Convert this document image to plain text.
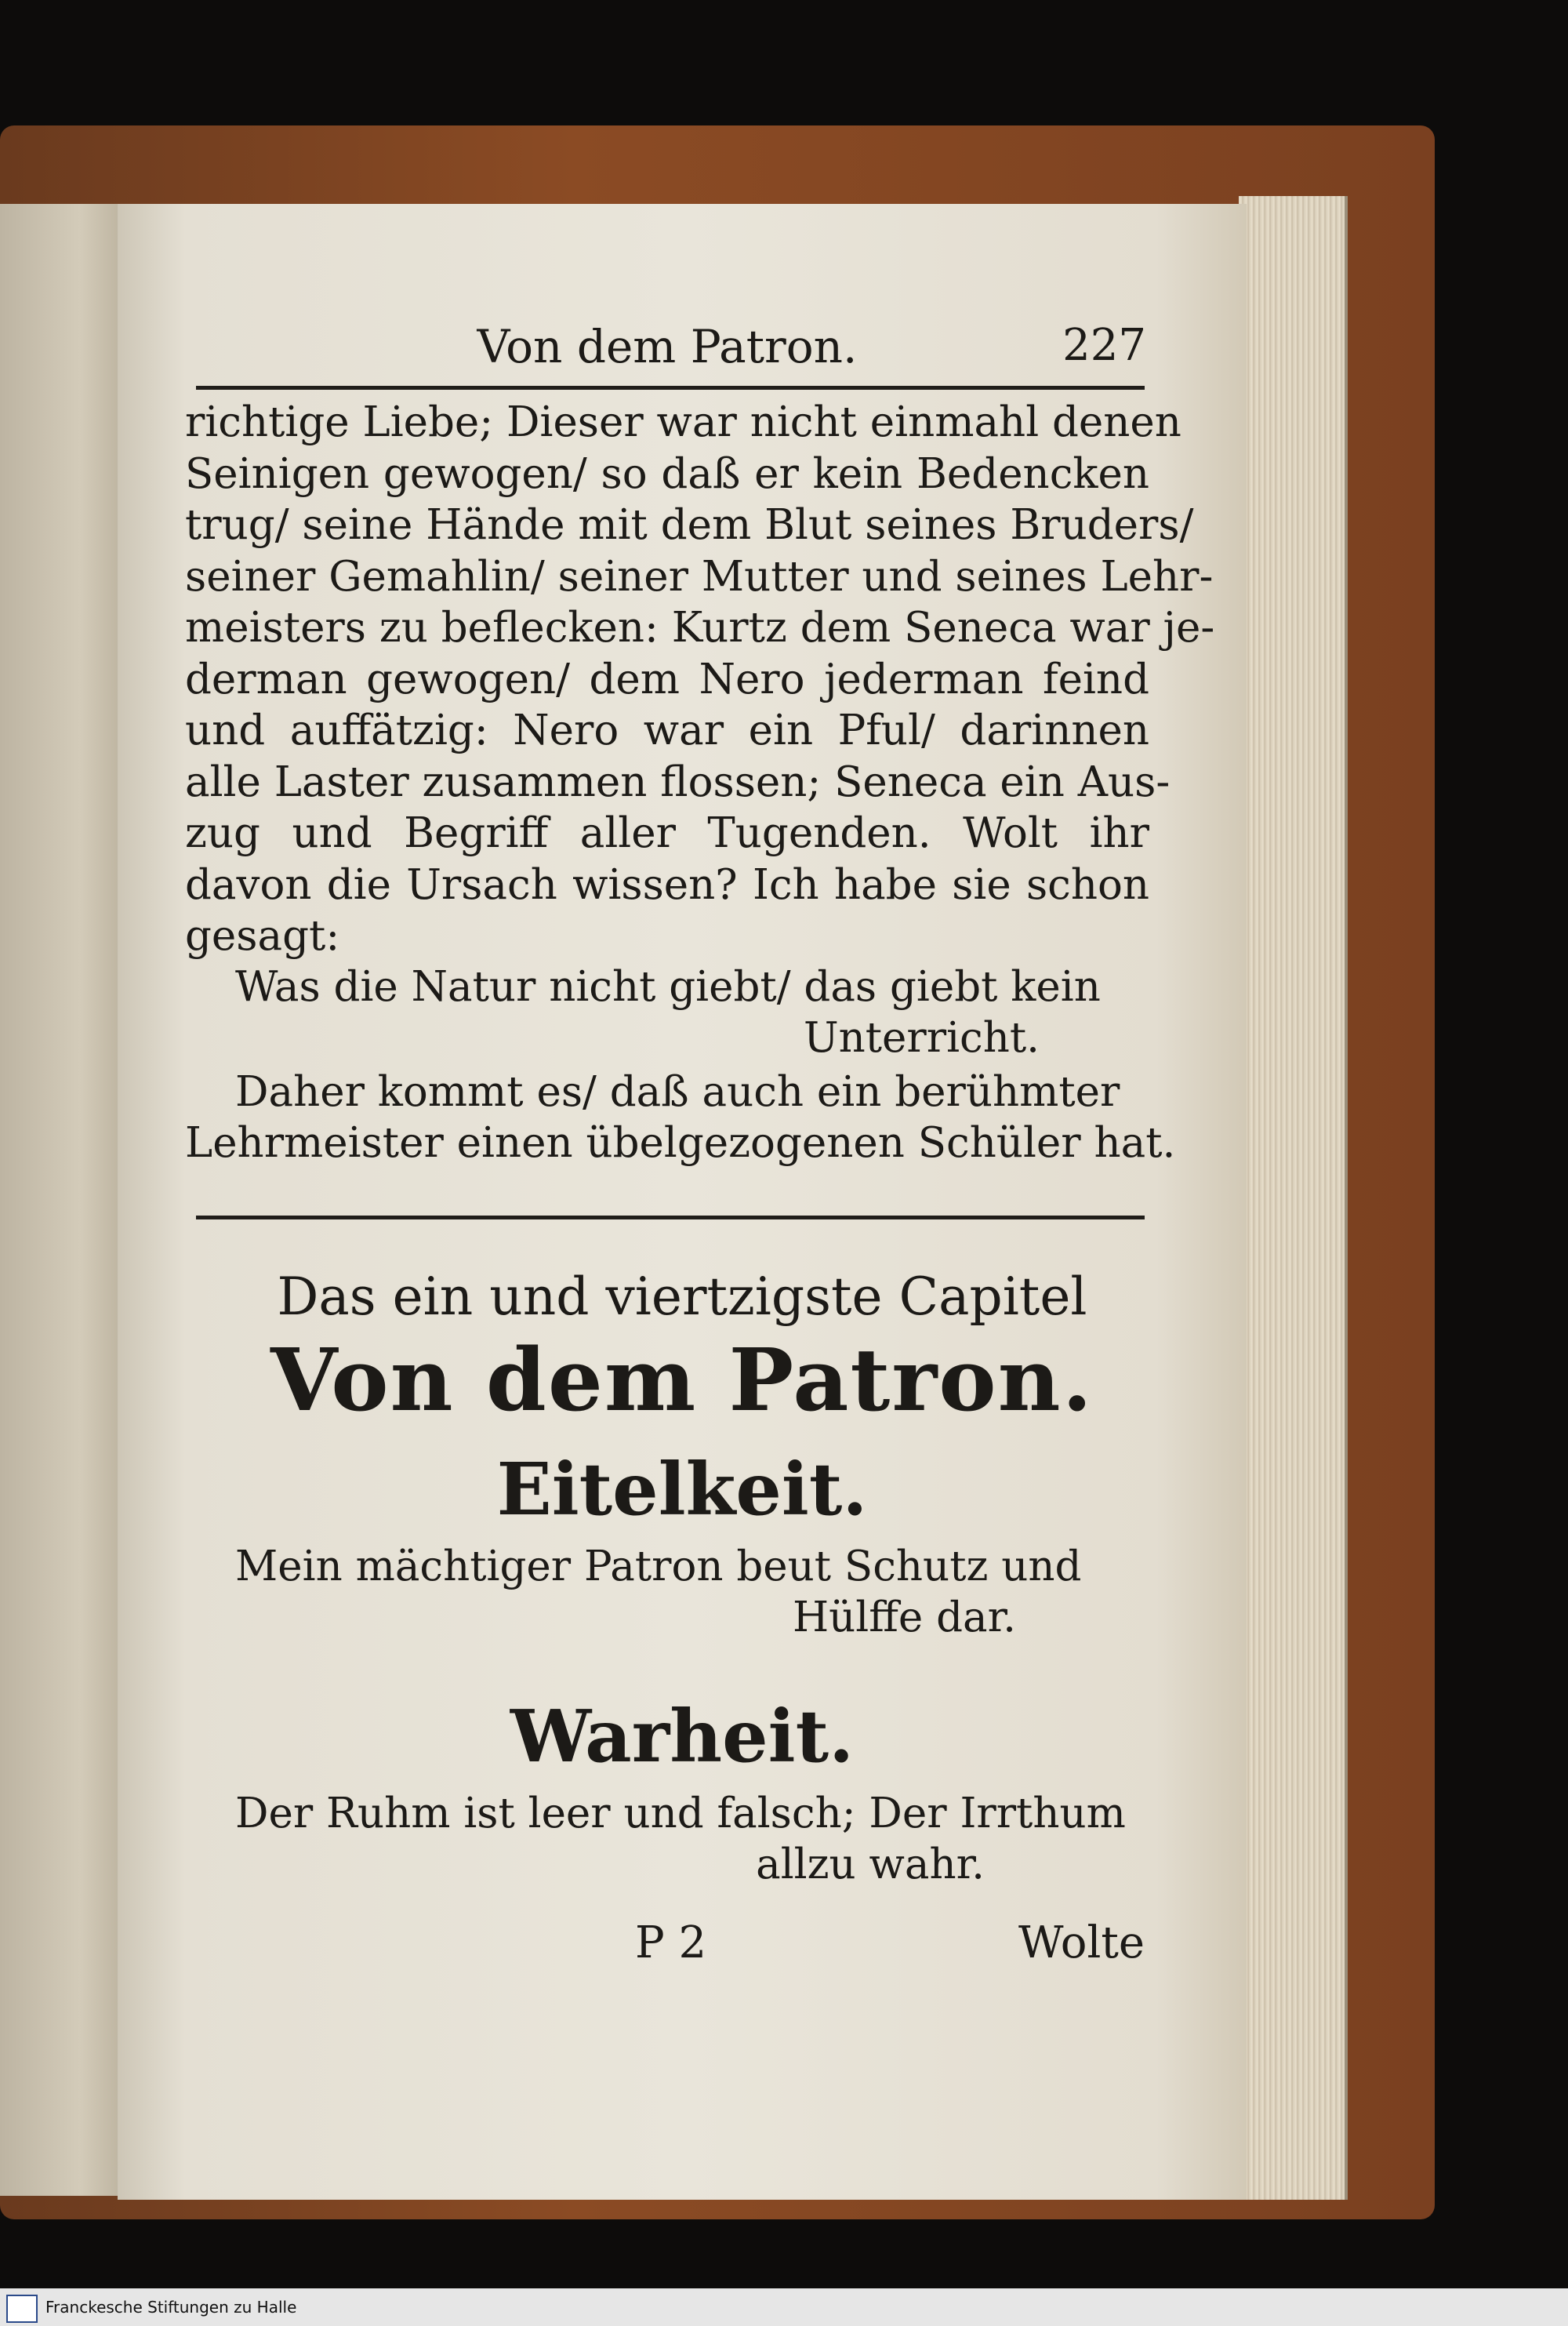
Von dem Patron.	227

richtige Liebe; Dieser war nicht einmahl denen
Seinigen gewogen/ so daß er kein Bedencken
trug/ seine Hände mit dem Blut seines Bruders/
seiner Gemahlin/ seiner Mutter und seines Lehr-
meisters zu beflecken: Kurtz dem Seneca war je-
derman gewogen/ dem Nero jederman feind
und auffätzig: Nero war ein Pful/ darinnen
alle Laster zusammen flossen; Seneca ein Aus-
zug und Begriff aller Tugenden. Wolt ihr
davon die Ursach wissen? Ich habe sie schon
gesagt:

Was die Natur nicht giebt/ das giebt kein
Unterricht.
Daher kommt es/ daß auch ein berühmter
Lehrmeister einen übelgezogenen Schüler hat.
Das ein und viertzigste Capitel
Von dem Patron.
Eitelkeit.
Mein mächtiger Patron beut Schutz und
Hülffe dar.
Warheit.
Der Ruhm ist leer und falsch; Der Irrthum
allzu wahr.
P 2	Wolte
Franckesche Stiftungen zu Halle
